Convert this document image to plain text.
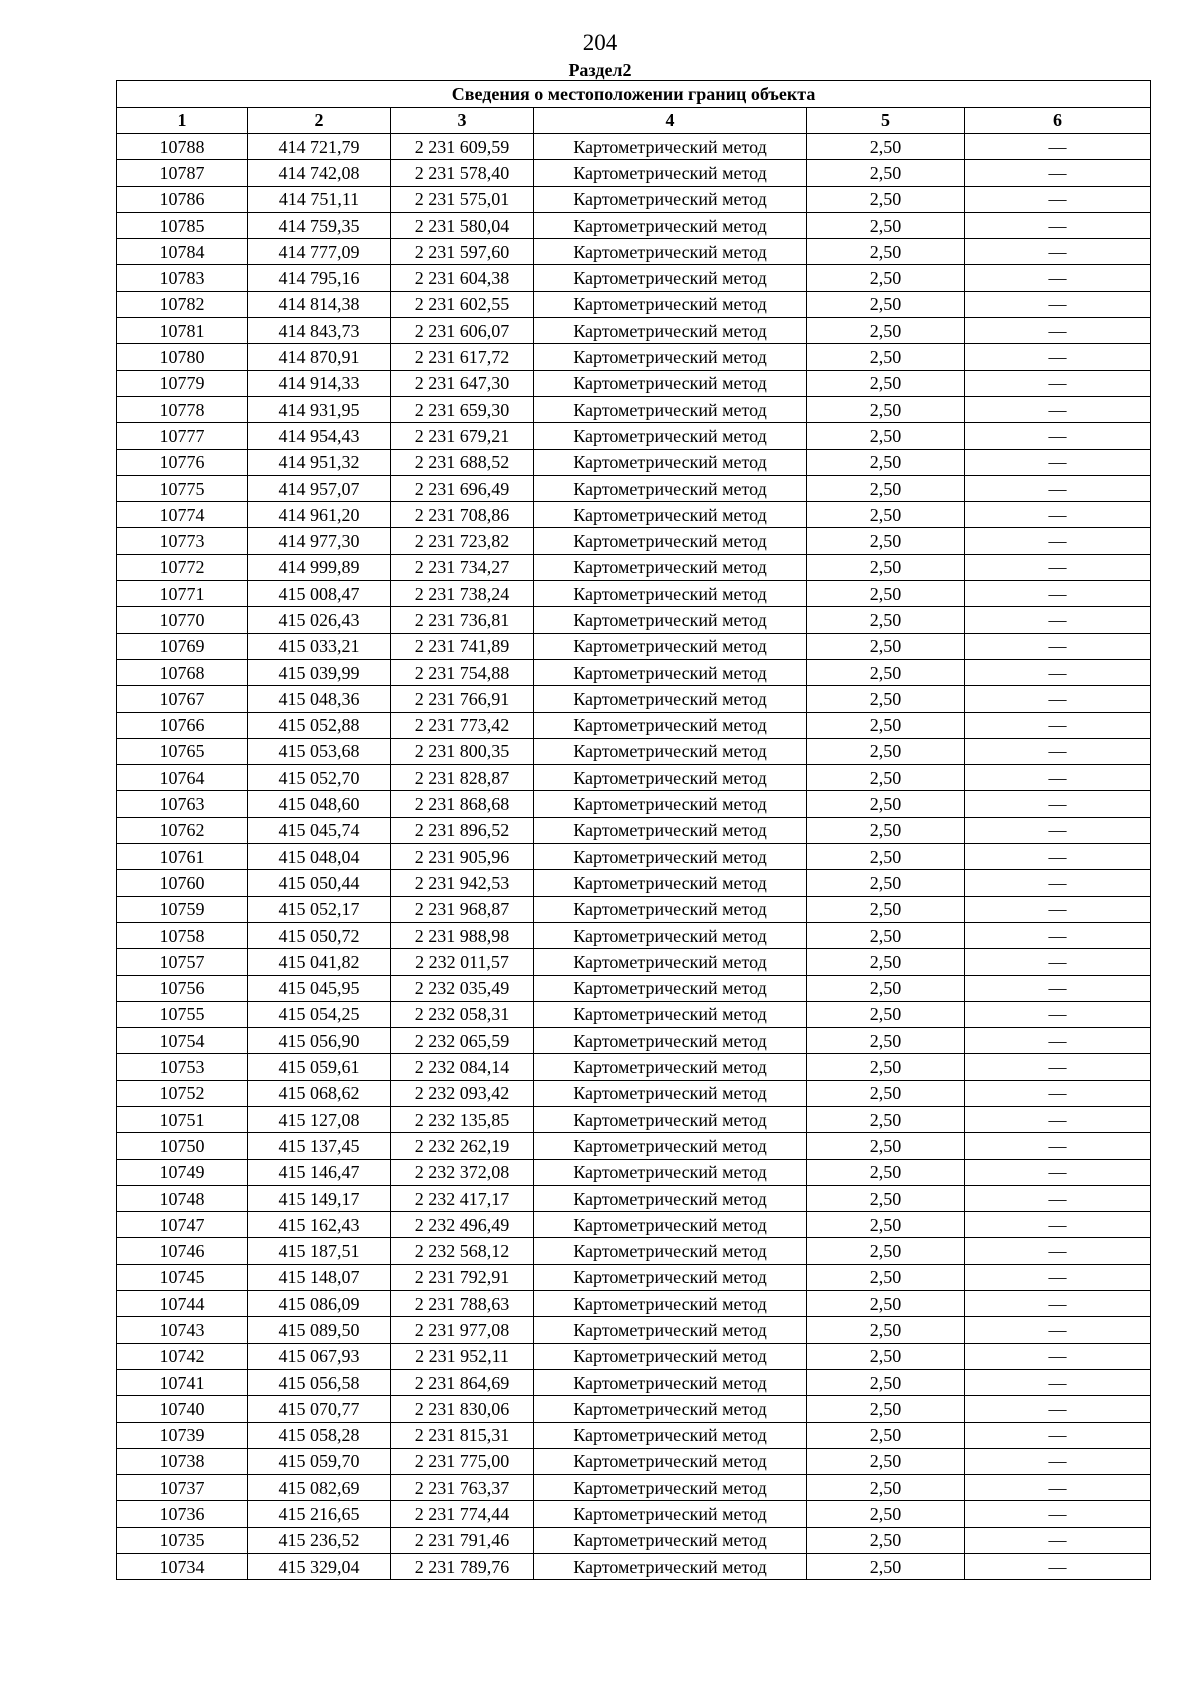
204
Раздел2
Сведения о местоположении границ объекта					
1	2	3	4	5	6
10788	414 721,79	2 231 609,59	Картометрический метод	2,50	—
10787	414 742,08	2 231 578,40	Картометрический метод	2,50	—
10786	414 751,11	2 231 575,01	Картометрический метод	2,50	—
10785	414 759,35	2 231 580,04	Картометрический метод	2,50	—
10784	414 777,09	2 231 597,60	Картометрический метод	2,50	—
10783	414 795,16	2 231 604,38	Картометрический метод	2,50	—
10782	414 814,38	2 231 602,55	Картометрический метод	2,50	—
10781	414 843,73	2 231 606,07	Картометрический метод	2,50	—
10780	414 870,91	2 231 617,72	Картометрический метод	2,50	—
10779	414 914,33	2 231 647,30	Картометрический метод	2,50	—
10778	414 931,95	2 231 659,30	Картометрический метод	2,50	—
10777	414 954,43	2 231 679,21	Картометрический метод	2,50	—
10776	414 951,32	2 231 688,52	Картометрический метод	2,50	—
10775	414 957,07	2 231 696,49	Картометрический метод	2,50	—
10774	414 961,20	2 231 708,86	Картометрический метод	2,50	—
10773	414 977,30	2 231 723,82	Картометрический метод	2,50	—
10772	414 999,89	2 231 734,27	Картометрический метод	2,50	—
10771	415 008,47	2 231 738,24	Картометрический метод	2,50	—
10770	415 026,43	2 231 736,81	Картометрический метод	2,50	—
10769	415 033,21	2 231 741,89	Картометрический метод	2,50	—
10768	415 039,99	2 231 754,88	Картометрический метод	2,50	—
10767	415 048,36	2 231 766,91	Картометрический метод	2,50	—
10766	415 052,88	2 231 773,42	Картометрический метод	2,50	—
10765	415 053,68	2 231 800,35	Картометрический метод	2,50	—
10764	415 052,70	2 231 828,87	Картометрический метод	2,50	—
10763	415 048,60	2 231 868,68	Картометрический метод	2,50	—
10762	415 045,74	2 231 896,52	Картометрический метод	2,50	—
10761	415 048,04	2 231 905,96	Картометрический метод	2,50	—
10760	415 050,44	2 231 942,53	Картометрический метод	2,50	—
10759	415 052,17	2 231 968,87	Картометрический метод	2,50	—
10758	415 050,72	2 231 988,98	Картометрический метод	2,50	—
10757	415 041,82	2 232 011,57	Картометрический метод	2,50	—
10756	415 045,95	2 232 035,49	Картометрический метод	2,50	—
10755	415 054,25	2 232 058,31	Картометрический метод	2,50	—
10754	415 056,90	2 232 065,59	Картометрический метод	2,50	—
10753	415 059,61	2 232 084,14	Картометрический метод	2,50	—
10752	415 068,62	2 232 093,42	Картометрический метод	2,50	—
10751	415 127,08	2 232 135,85	Картометрический метод	2,50	—
10750	415 137,45	2 232 262,19	Картометрический метод	2,50	—
10749	415 146,47	2 232 372,08	Картометрический метод	2,50	—
10748	415 149,17	2 232 417,17	Картометрический метод	2,50	—
10747	415 162,43	2 232 496,49	Картометрический метод	2,50	—
10746	415 187,51	2 232 568,12	Картометрический метод	2,50	—
10745	415 148,07	2 231 792,91	Картометрический метод	2,50	—
10744	415 086,09	2 231 788,63	Картометрический метод	2,50	—
10743	415 089,50	2 231 977,08	Картометрический метод	2,50	—
10742	415 067,93	2 231 952,11	Картометрический метод	2,50	—
10741	415 056,58	2 231 864,69	Картометрический метод	2,50	—
10740	415 070,77	2 231 830,06	Картометрический метод	2,50	—
10739	415 058,28	2 231 815,31	Картометрический метод	2,50	—
10738	415 059,70	2 231 775,00	Картометрический метод	2,50	—
10737	415 082,69	2 231 763,37	Картометрический метод	2,50	—
10736	415 216,65	2 231 774,44	Картометрический метод	2,50	—
10735	415 236,52	2 231 791,46	Картометрический метод	2,50	—
10734	415 329,04	2 231 789,76	Картометрический метод	2,50	—
